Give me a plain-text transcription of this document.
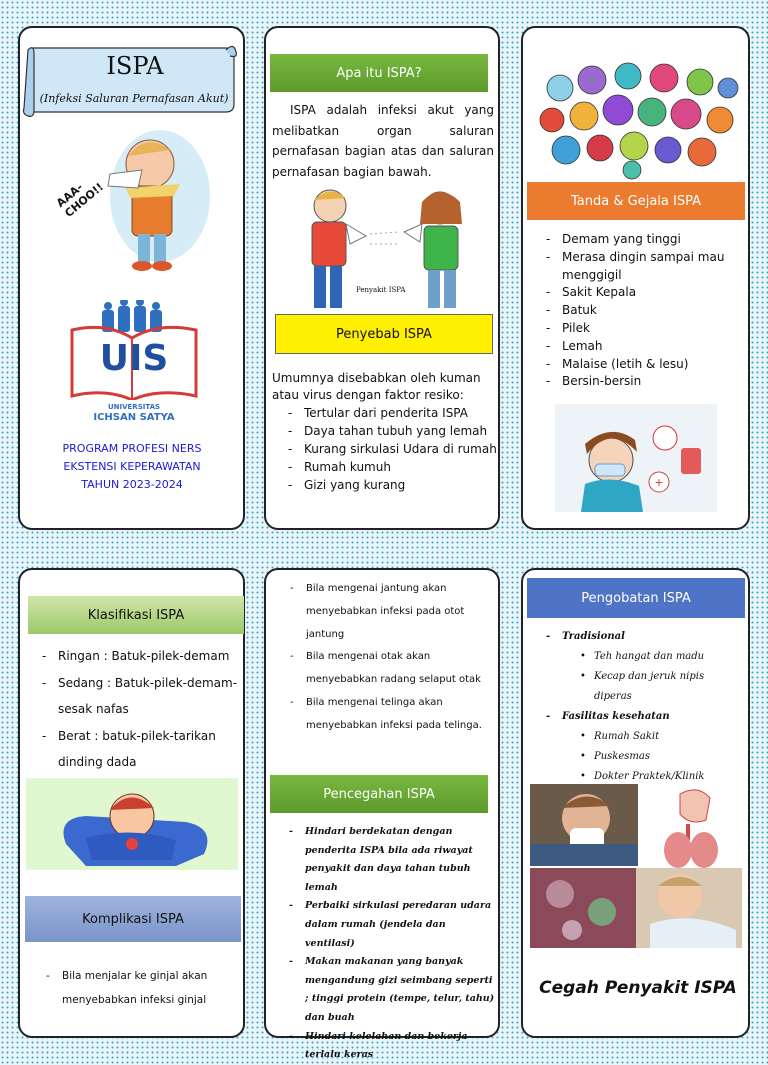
ISPA
(Infeksi Saluran Pernafasan Akut)
AAA-CHOO!!
UIS
UNIVERSITAS
ICHSAN SATYA
PROGRAM PROFESI NERS
EKSTENSI KEPERAWATAN
TAHUN 2023-2024
Apa itu ISPA?
ISPA adalah infeksi akut yang melibatkan organ saluran pernafasan bagian atas dan saluran pernafasan bagian bawah.
Penyakit ISPA
Penyebab ISPA
Umumnya disebabkan oleh kuman atau virus dengan faktor resiko:
- Tertular dari penderita ISPA
- Daya tahan tubuh yang lemah
- Kurang sirkulasi Udara di rumah
- Rumah kumuh
- Gizi yang kurang
Tanda & Gejala ISPA
- Demam yang tinggi
- Merasa dingin sampai mau menggigil
- Sakit Kepala
- Batuk
- Pilek
- Lemah
- Malaise (letih & lesu)
- Bersin-bersin
+
Klasifikasi ISPA
- Ringan : Batuk-pilek-demam
- Sedang : Batuk-pilek-demam-sesak nafas
- Berat : batuk-pilek-tarikan dinding dada
Komplikasi ISPA
- Bila menjalar ke ginjal akan menyebabkan infeksi ginjal
- Bila mengenai jantung akan menyebabkan infeksi pada otot jantung
- Bila mengenai otak akan menyebabkan radang selaput otak
- Bila mengenai telinga akan menyebabkan infeksi pada telinga.
Pencegahan ISPA
- Hindari berdekatan dengan penderita ISPA bila ada riwayat penyakit dan daya tahan tubuh lemah
- Perbaiki sirkulasi peredaran udara dalam rumah (jendela dan ventilasi)
- Makan makanan yang banyak mengandung gizi seimbang seperti ; tinggi protein (tempe, telur, tahu) dan buah
- Hindari kelelahan dan bekerja terlalu keras
Pengobatan ISPA
- Tradisional
• Teh hangat dan madu
• Kecap dan jeruk nipis diperas
- Fasilitas kesehatan
• Rumah Sakit
• Puskesmas
• Dokter Praktek/Klinik
Cegah Penyakit ISPA
